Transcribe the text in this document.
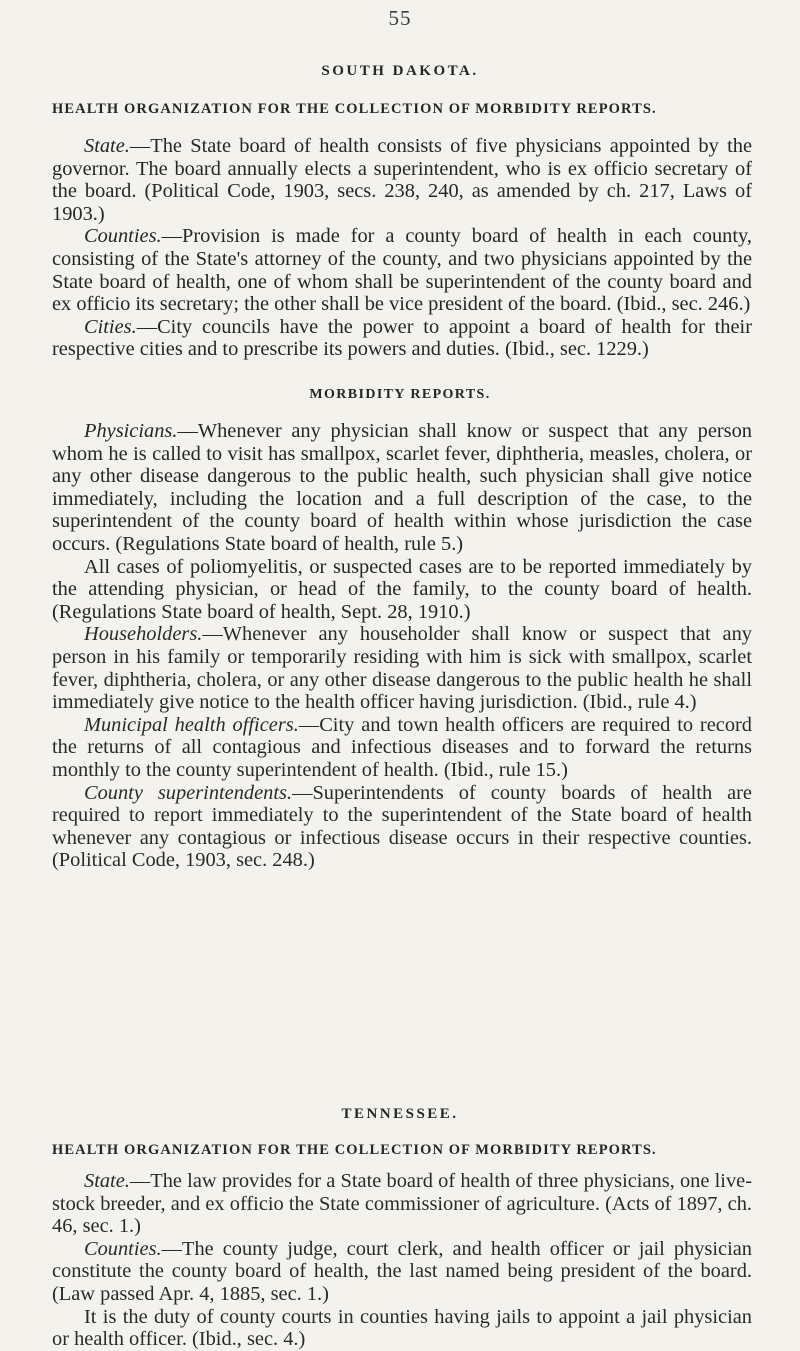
55
SOUTH DAKOTA.
HEALTH ORGANIZATION FOR THE COLLECTION OF MORBIDITY REPORTS.

State.—The State board of health consists of five physicians appointed by the governor. The board annually elects a superintendent, who is ex officio secretary of the board. (Political Code, 1903, secs. 238, 240, as amended by ch. 217, Laws of 1903.)

Counties.—Provision is made for a county board of health in each county, consisting of the State's attorney of the county, and two physicians appointed by the State board of health, one of whom shall be superintendent of the county board and ex officio its secretary; the other shall be vice president of the board. (Ibid., sec. 246.)

Cities.—City councils have the power to appoint a board of health for their respective cities and to prescribe its powers and duties. (Ibid., sec. 1229.)

MORBIDITY REPORTS.

Physicians.—Whenever any physician shall know or suspect that any person whom he is called to visit has smallpox, scarlet fever, diphtheria, measles, cholera, or any other disease dangerous to the public health, such physician shall give notice immediately, including the location and a full description of the case, to the superintendent of the county board of health within whose jurisdiction the case occurs. (Regulations State board of health, rule 5.)

All cases of poliomyelitis, or suspected cases are to be reported immediately by the attending physician, or head of the family, to the county board of health. (Regulations State board of health, Sept. 28, 1910.)

Householders.—Whenever any householder shall know or suspect that any person in his family or temporarily residing with him is sick with smallpox, scarlet fever, diphtheria, cholera, or any other disease dangerous to the public health he shall immediately give notice to the health officer having jurisdiction. (Ibid., rule 4.)

Municipal health officers.—City and town health officers are required to record the returns of all contagious and infectious diseases and to forward the returns monthly to the county superintendent of health. (Ibid., rule 15.)

County superintendents.—Superintendents of county boards of health are required to report immediately to the superintendent of the State board of health whenever any contagious or infectious disease occurs in their respective counties. (Political Code, 1903, sec. 248.)

TENNESSEE.
HEALTH ORGANIZATION FOR THE COLLECTION OF MORBIDITY REPORTS.

State.—The law provides for a State board of health of three physicians, one live-stock breeder, and ex officio the State commissioner of agriculture. (Acts of 1897, ch. 46, sec. 1.)

Counties.—The county judge, court clerk, and health officer or jail physician constitute the county board of health, the last named being president of the board. (Law passed Apr. 4, 1885, sec. 1.)

It is the duty of county courts in counties having jails to appoint a jail physician or health officer. (Ibid., sec. 4.)
